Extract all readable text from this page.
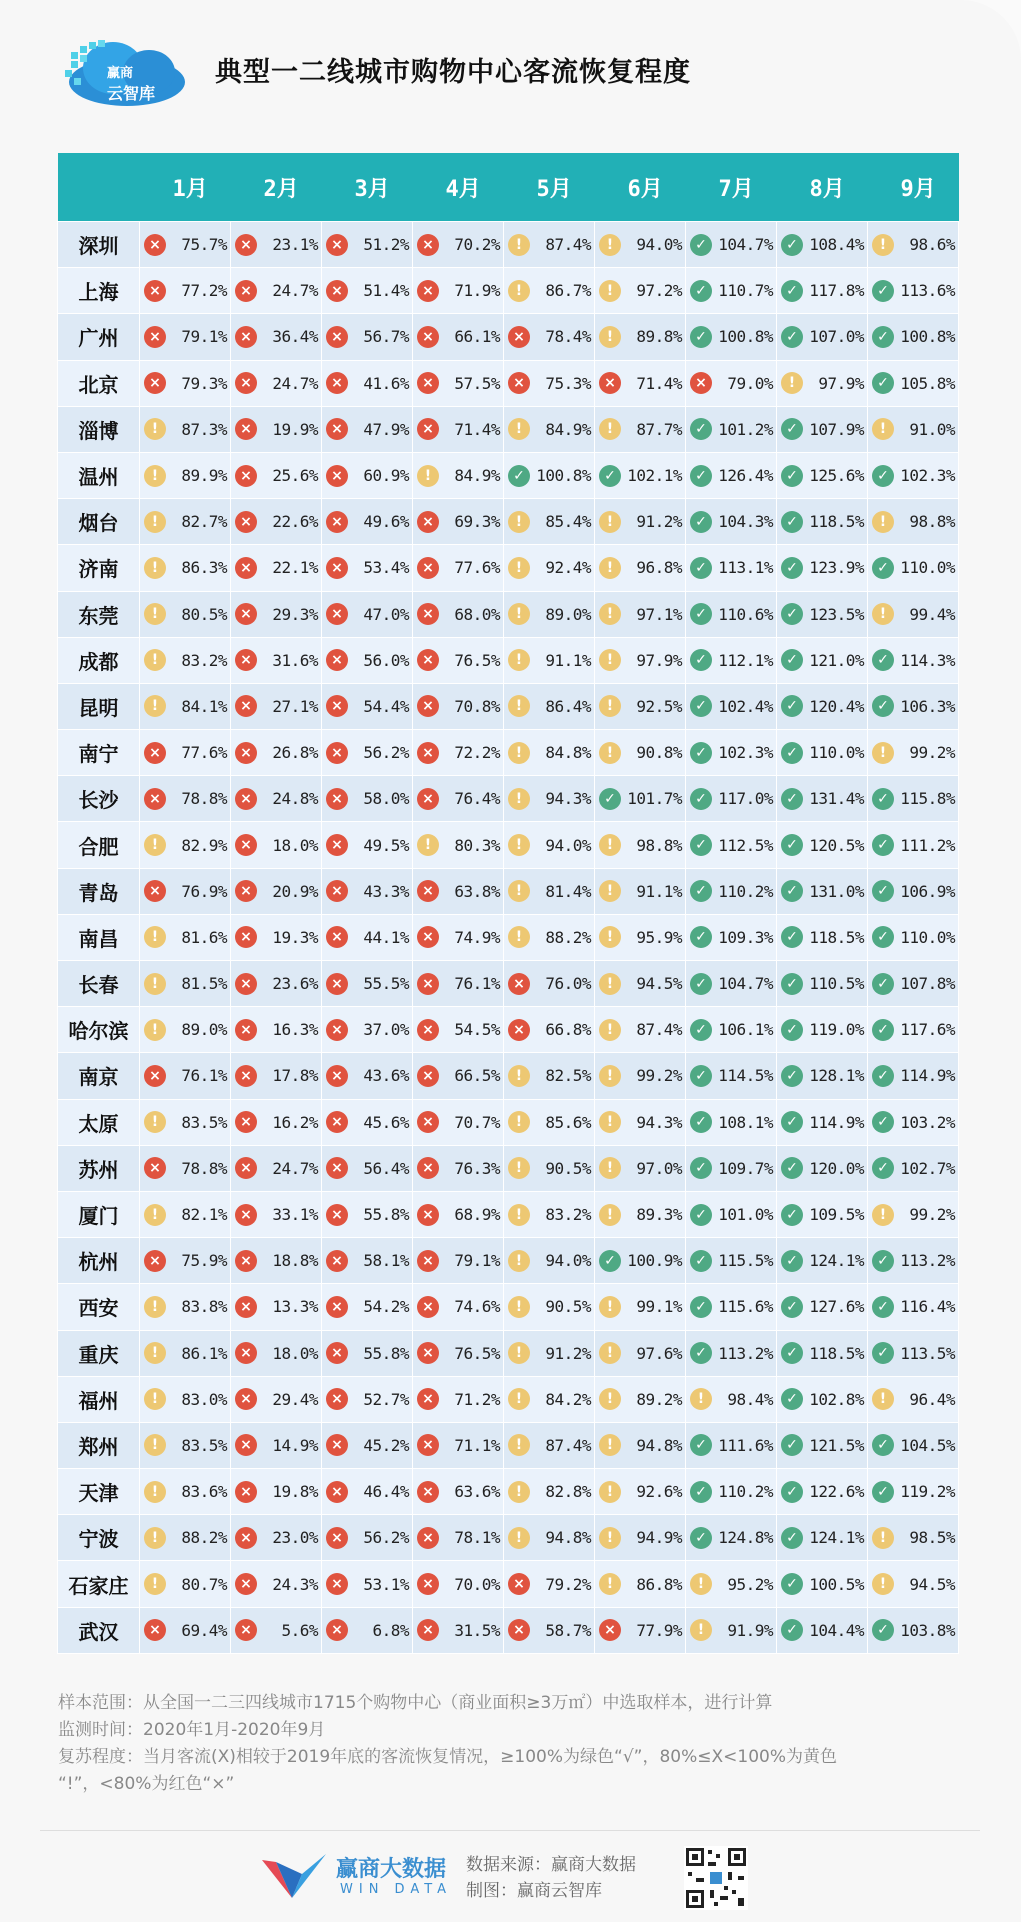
赢商
云智库
典型一二线城市购物中心客流恢复程度
	1月	2月	3月	4月	5月	6月	7月	8月	9月
深圳	× 75.7%	× 23.1%	× 51.2%	× 70.2%	! 87.4%	! 94.0%	✓ 104.7%	✓ 108.4%	! 98.6%

上海	× 77.2%	× 24.7%	× 51.4%	× 71.9%	! 86.7%	! 97.2%	✓ 110.7%	✓ 117.8%	✓ 113.6%

广州	× 79.1%	× 36.4%	× 56.7%	× 66.1%	× 78.4%	! 89.8%	✓ 100.8%	✓ 107.0%	✓ 100.8%

北京	× 79.3%	× 24.7%	× 41.6%	× 57.5%	× 75.3%	× 71.4%	× 79.0%	! 97.9%	✓ 105.8%

淄博	! 87.3%	× 19.9%	× 47.9%	× 71.4%	! 84.9%	! 87.7%	✓ 101.2%	✓ 107.9%	! 91.0%

温州	! 89.9%	× 25.6%	× 60.9%	! 84.9%	✓ 100.8%	✓ 102.1%	✓ 126.4%	✓ 125.6%	✓ 102.3%

烟台	! 82.7%	× 22.6%	× 49.6%	× 69.3%	! 85.4%	! 91.2%	✓ 104.3%	✓ 118.5%	! 98.8%

济南	! 86.3%	× 22.1%	× 53.4%	× 77.6%	! 92.4%	! 96.8%	✓ 113.1%	✓ 123.9%	✓ 110.0%

东莞	! 80.5%	× 29.3%	× 47.0%	× 68.0%	! 89.0%	! 97.1%	✓ 110.6%	✓ 123.5%	! 99.4%

成都	! 83.2%	× 31.6%	× 56.0%	× 76.5%	! 91.1%	! 97.9%	✓ 112.1%	✓ 121.0%	✓ 114.3%

昆明	! 84.1%	× 27.1%	× 54.4%	× 70.8%	! 86.4%	! 92.5%	✓ 102.4%	✓ 120.4%	✓ 106.3%

南宁	× 77.6%	× 26.8%	× 56.2%	× 72.2%	! 84.8%	! 90.8%	✓ 102.3%	✓ 110.0%	! 99.2%

长沙	× 78.8%	× 24.8%	× 58.0%	× 76.4%	! 94.3%	✓ 101.7%	✓ 117.0%	✓ 131.4%	✓ 115.8%

合肥	! 82.9%	× 18.0%	× 49.5%	! 80.3%	! 94.0%	! 98.8%	✓ 112.5%	✓ 120.5%	✓ 111.2%

青岛	× 76.9%	× 20.9%	× 43.3%	× 63.8%	! 81.4%	! 91.1%	✓ 110.2%	✓ 131.0%	✓ 106.9%

南昌	! 81.6%	× 19.3%	× 44.1%	× 74.9%	! 88.2%	! 95.9%	✓ 109.3%	✓ 118.5%	✓ 110.0%

长春	! 81.5%	× 23.6%	× 55.5%	× 76.1%	× 76.0%	! 94.5%	✓ 104.7%	✓ 110.5%	✓ 107.8%

哈尔滨	! 89.0%	× 16.3%	× 37.0%	× 54.5%	× 66.8%	! 87.4%	✓ 106.1%	✓ 119.0%	✓ 117.6%

南京	× 76.1%	× 17.8%	× 43.6%	× 66.5%	! 82.5%	! 99.2%	✓ 114.5%	✓ 128.1%	✓ 114.9%

太原	! 83.5%	× 16.2%	× 45.6%	× 70.7%	! 85.6%	! 94.3%	✓ 108.1%	✓ 114.9%	✓ 103.2%

苏州	× 78.8%	× 24.7%	× 56.4%	× 76.3%	! 90.5%	! 97.0%	✓ 109.7%	✓ 120.0%	✓ 102.7%

厦门	! 82.1%	× 33.1%	× 55.8%	× 68.9%	! 83.2%	! 89.3%	✓ 101.0%	✓ 109.5%	! 99.2%

杭州	× 75.9%	× 18.8%	× 58.1%	× 79.1%	! 94.0%	✓ 100.9%	✓ 115.5%	✓ 124.1%	✓ 113.2%

西安	! 83.8%	× 13.3%	× 54.2%	× 74.6%	! 90.5%	! 99.1%	✓ 115.6%	✓ 127.6%	✓ 116.4%

重庆	! 86.1%	× 18.0%	× 55.8%	× 76.5%	! 91.2%	! 97.6%	✓ 113.2%	✓ 118.5%	✓ 113.5%

福州	! 83.0%	× 29.4%	× 52.7%	× 71.2%	! 84.2%	! 89.2%	! 98.4%	✓ 102.8%	! 96.4%

郑州	! 83.5%	× 14.9%	× 45.2%	× 71.1%	! 87.4%	! 94.8%	✓ 111.6%	✓ 121.5%	✓ 104.5%

天津	! 83.6%	× 19.8%	× 46.4%	× 63.6%	! 82.8%	! 92.6%	✓ 110.2%	✓ 122.6%	✓ 119.2%

宁波	! 88.2%	× 23.0%	× 56.2%	× 78.1%	! 94.8%	! 94.9%	✓ 124.8%	✓ 124.1%	! 98.5%

石家庄	! 80.7%	× 24.3%	× 53.1%	× 70.0%	× 79.2%	! 86.8%	! 95.2%	✓ 100.5%	! 94.5%

武汉	× 69.4%	× 5.6%	× 6.8%	× 31.5%	× 58.7%	× 77.9%	! 91.9%	✓ 104.4%	✓ 103.8%
样本范围：从全国一二三四线城市1715个购物中心（商业面积≥3万㎡）中选取样本，进行计算
监测时间：2020年1月-2020年9月
复苏程度：当月客流(X)相较于2019年底的客流恢复情况，≥100%为绿色“√”，80%≤X<100%为黄色
“!”，<80%为红色“×”
赢商大数据
WIN DATA
数据来源：赢商大数据
制图：赢商云智库
